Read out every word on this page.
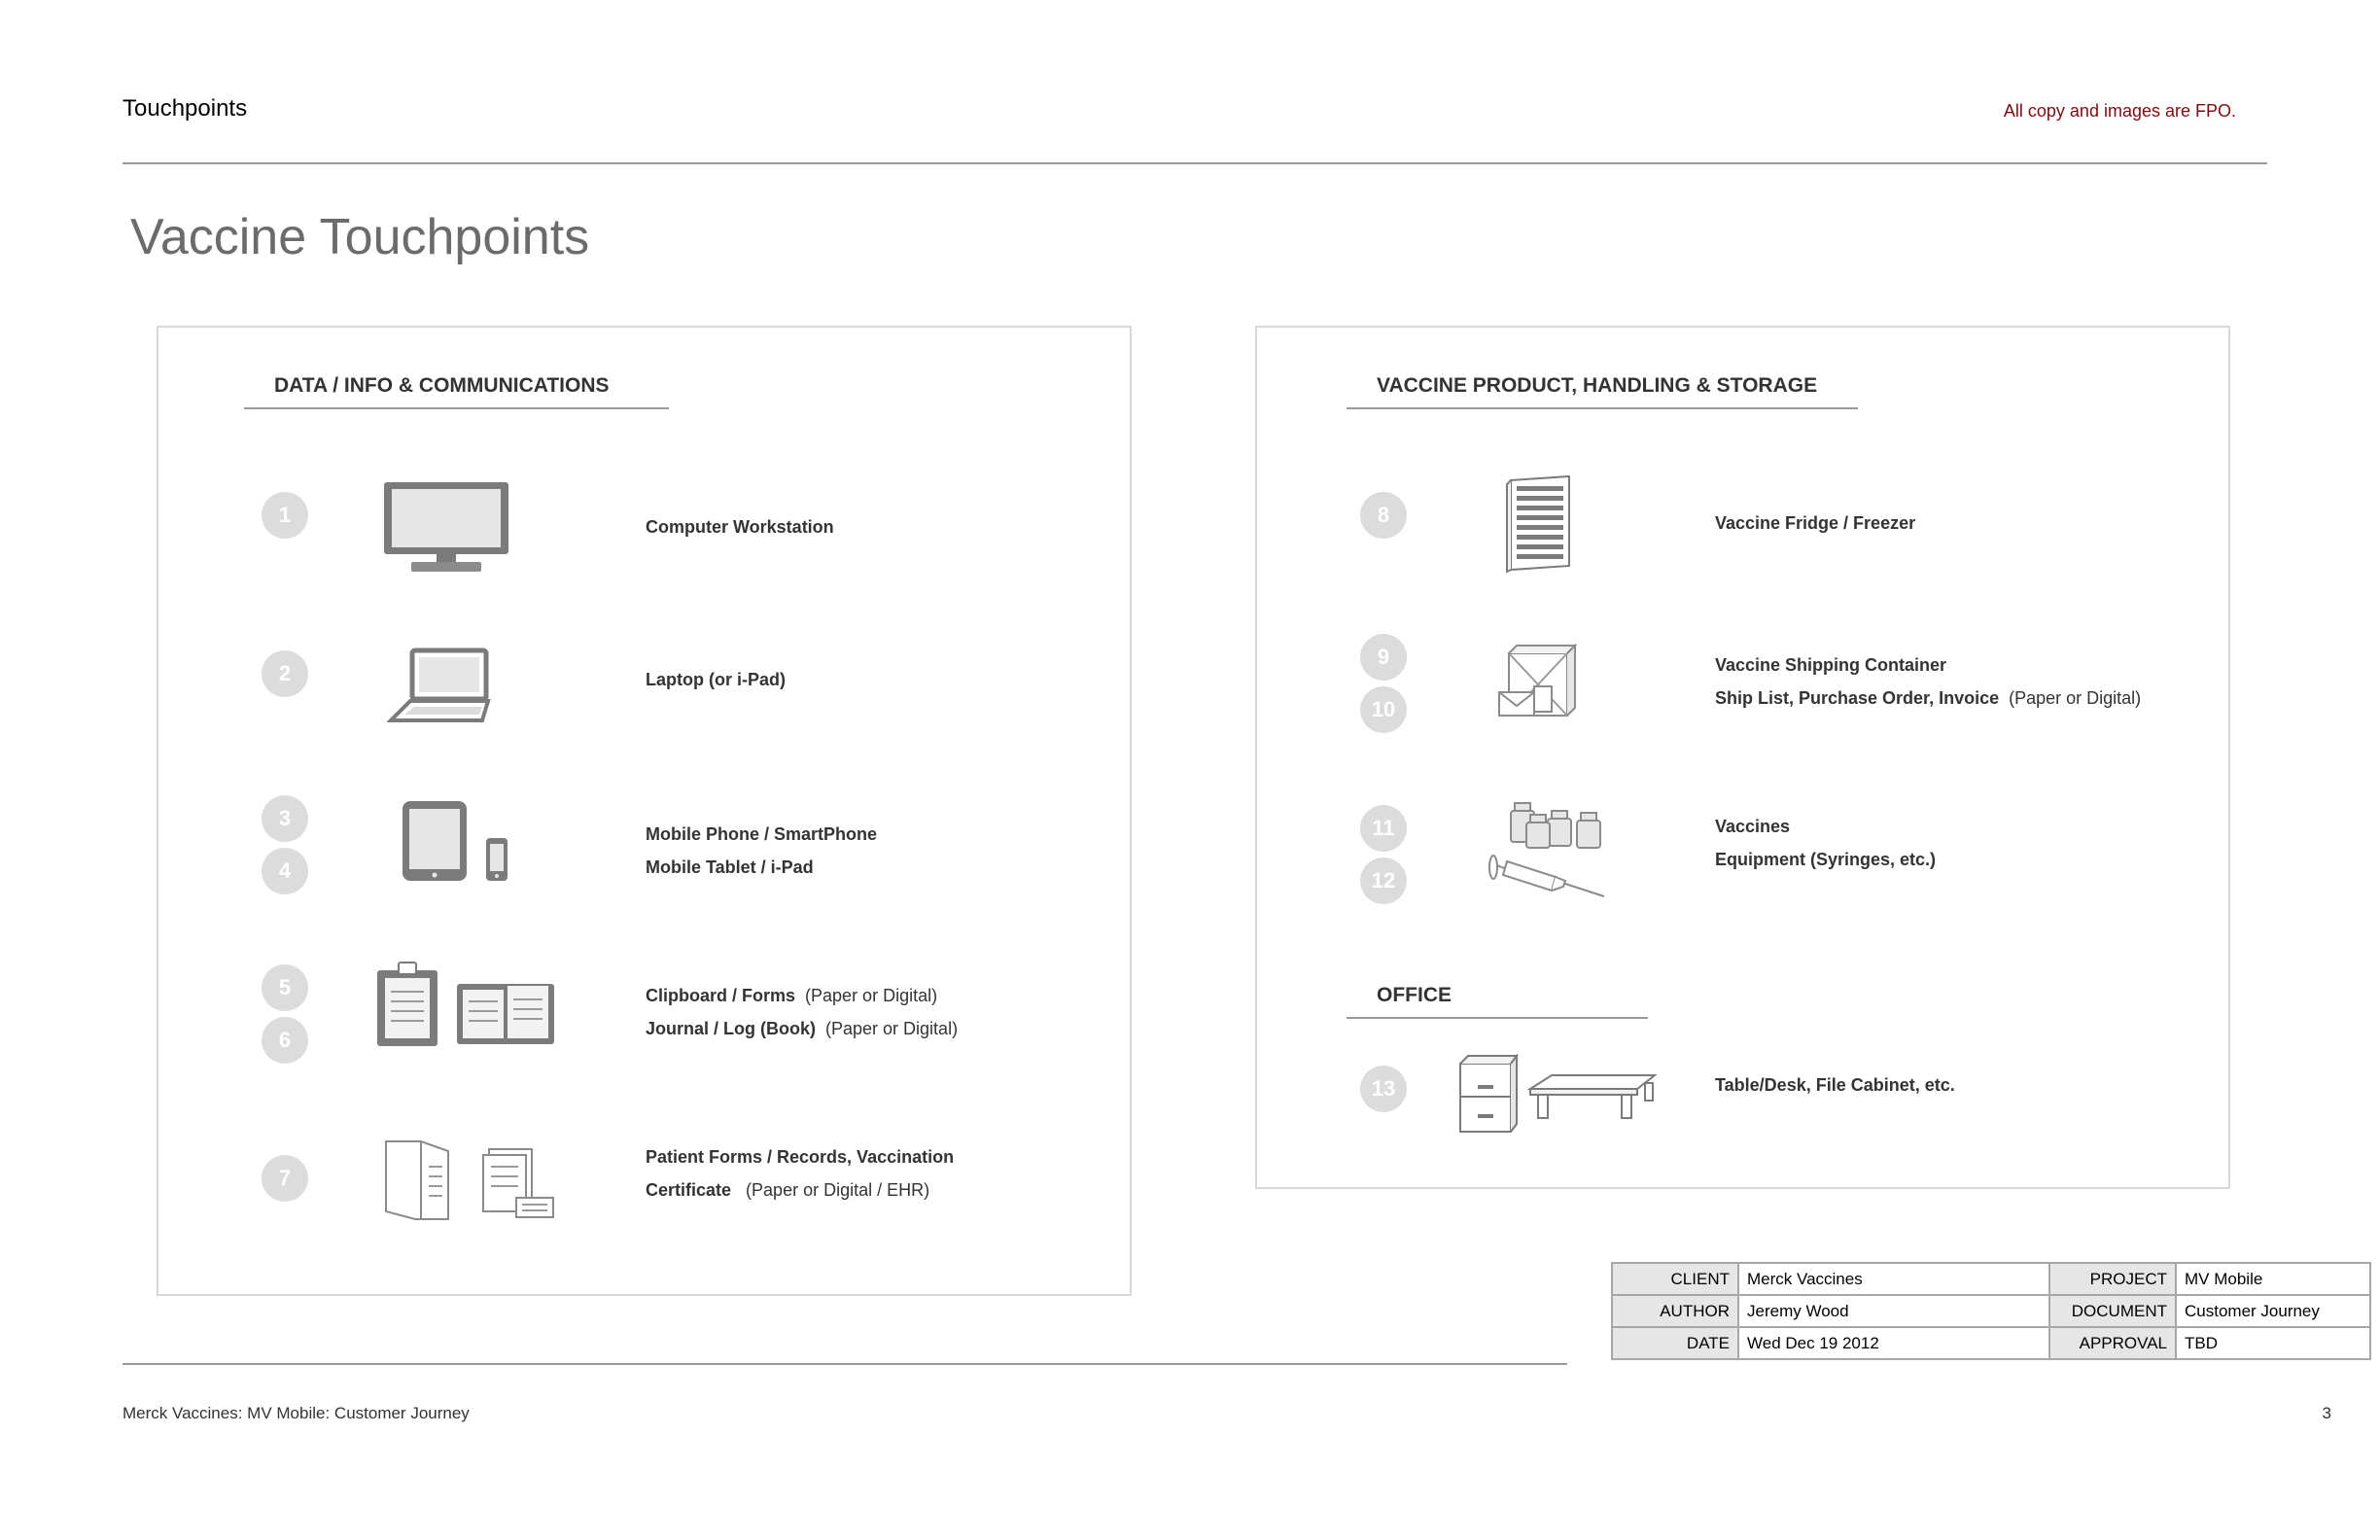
Touchpoints	All copy and images are FPO.
Vaccine Touchpoints
DATA / INFO & COMMUNICATIONS
1	Computer Workstation
2	Laptop (or i-Pad)
3
4
Mobile Phone / SmartPhone
Mobile Tablet / i-Pad
5
6
Clipboard / Forms (Paper or Digital)
Journal / Log (Book) (Paper or Digital)
7
Patient Forms / Records, Vaccination
Certificate (Paper or Digital / EHR)
VACCINE PRODUCT, HANDLING & STORAGE
8	Vaccine Fridge / Freezer
9
10
Vaccine Shipping Container
Ship List, Purchase Order, Invoice (Paper or Digital)
11
12
Vaccines
Equipment (Syringes, etc.)
OFFICE
13	Table/Desk, File Cabinet, etc.
CLIENT	Merck Vaccines	PROJECT	MV Mobile
AUTHOR	Jeremy Wood	DOCUMENT	Customer Journey
DATE	Wed Dec 19 2012	APPROVAL	TBD
Merck Vaccines: MV Mobile: Customer Journey	3
